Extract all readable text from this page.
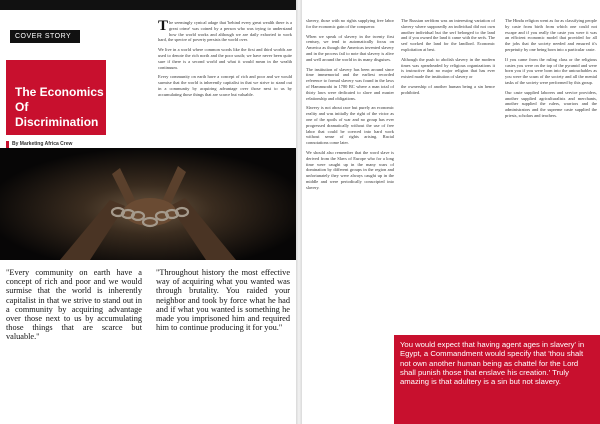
COVER STORY
The Economics Of Discrimination
By Marketing Africa Crew

The seemingly cynical adage that 'behind every great wealth there is a great crime' was coined by a person who was trying to understand how the world works and although we are daily exhorted to work hard, the spectre of poverty persists the world over.

We live in a world where common words like the first and third worlds are used to denote the rich north and the poor south; we have never been quite sure if there is a second world and what it would mean in the wealth continuum.

Every community on earth have a concept of rich and poor and we would surmise that the world is inherently capitalist in that we strive to stand out in a community by acquiring advantage over those next to us by accumulating those things that are scarce but valuable.

"Every community on earth have a concept of rich and poor and we would surmise that the world is inherently capitalist in that we strive to stand out in a community by acquiring advantage over those next to us by accumulating those things that are scarce but valuable."
"Throughout history the most effective way of acquiring what you wanted was through brutality. You raided your neighbor and took by force what he had and if what you wanted is something he made you imprisoned him and required him to continue producing it for you."

slavery, those with no rights supplying free labor for the economic gain of the conqueror.

When we speak of slavery in the twenty first century, we tend to automatically focus on America as though the Americas invented slavery and in the process fail to note that slavery is alive and well around the world in its many disguises.

The institution of slavery has been around since time immemorial and the earliest recorded reference to formal slavery was found in the laws of Hammurabi in 1780 BC where a man total of thirty laws were dedicated to slave and master relationship and obligations.

Slavery is not about race but purely an economic reality and was initially the right of the victor as one of the spoils of war and no group has ever progressed dramatically without the use of free labor that could be coerced into hard work without sense of rights arising. Racial connotations come later.

We should also remember that the word slave is derived from the Slavs of Europe who for a long time were caught up in the many wars of domination by different groups in the region and unfortunately they were always caught up in the middle and were periodically conscripted into slavery.

The Russian serfdom was an interesting variation of slavery where supposedly an individual did not own another individual but the serf belonged to the land and if you owned the land it came with the serfs. The serf worked the land for the landlord. Economic exploitation at best.

Although the push to abolish slavery in the modern times was spearheaded by religious organizations it is instructive that no major religion that has ever existed made the institution of slavery or

the ownership of another human being a sin hence prohibited.

The Hindu religion went as far as classifying people by caste from birth from which one could not escape and if you really the caste you were it was an efficient economic model that provided for all the jobs that the society needed and ensured it's perpetuity by one being born into a particular caste.

If you came from the ruling class or the religious castes you were on the top of the pyramid and were born you if you were born into the untouchables as you were the scum of the society and all the menial tasks of the society were performed by this group.

Our caste supplied laborers and service providers, another supplied agriculturalists and merchants, another supplied the rulers, warriors and the administrators and the supreme caste supplied the priests, scholars and teachers.

You would expect that having agent ages in slavery' in Egypt, a Commandment would specify that 'thou shalt not own another human being as chattel for the Lord shall punish those that enslave his creation.' Truly amazing is that adultery is a sin but not slavery.
